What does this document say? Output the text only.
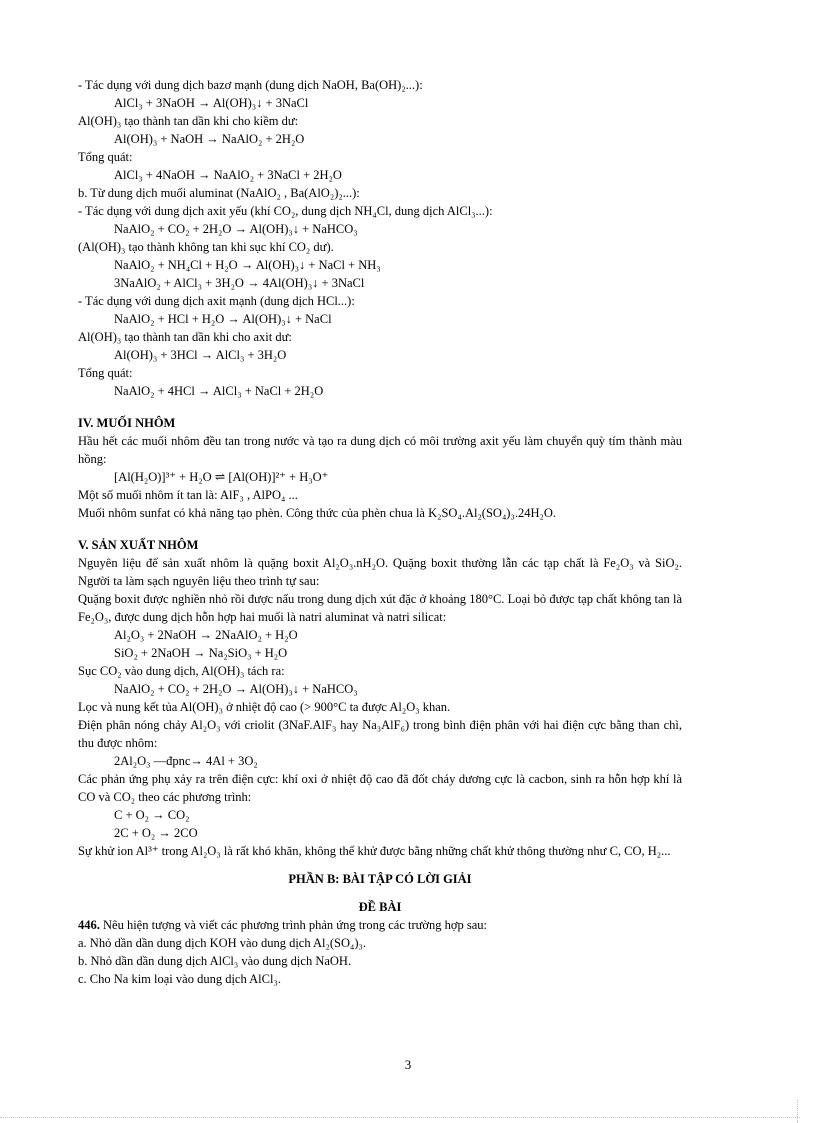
- Tác dụng với dung dịch bazơ mạnh (dung dịch NaOH, Ba(OH)₂...):
AlCl₃ + 3NaOH → Al(OH)₃↓ + 3NaCl
Al(OH)₃ tạo thành tan dần khi cho kiềm dư:
Al(OH)₃ + NaOH → NaAlO₂ + 2H₂O
Tổng quát:
AlCl₃ + 4NaOH → NaAlO₂ + 3NaCl + 2H₂O
b. Từ dung dịch muối aluminat (NaAlO₂ , Ba(AlO₂)₂...):
- Tác dụng với dung dịch axit yếu (khí CO₂, dung dịch NH₄Cl, dung dịch AlCl₃...):
NaAlO₂ + CO₂ + 2H₂O → Al(OH)₃↓ + NaHCO₃
(Al(OH)₃ tạo thành không tan khi sục khí CO₂ dư).
NaAlO₂ + NH₄Cl + H₂O → Al(OH)₃↓ + NaCl + NH₃
3NaAlO₂ + AlCl₃ + 3H₂O → 4Al(OH)₃↓ + 3NaCl
- Tác dụng với dung dịch axit mạnh (dung dịch HCl...):
NaAlO₂ + HCl + H₂O → Al(OH)₃↓ + NaCl
Al(OH)₃ tạo thành tan dần khi cho axit dư:
Al(OH)₃ + 3HCl → AlCl₃ + 3H₂O
Tổng quát:
NaAlO₂ + 4HCl → AlCl₃ + NaCl + 2H₂O
IV. MUỐI NHÔM
Hầu hết các muối nhôm đều tan trong nước và tạo ra dung dịch có môi trường axit yếu làm chuyển quỳ tím thành màu hồng:
[Al(H₂O)]³⁺ + H₂O ⇌ [Al(OH)]²⁺ + H₃O⁺
Một số muối nhôm ít tan là: AlF₃ , AlPO₄ ...
Muối nhôm sunfat có khả năng tạo phèn. Công thức của phèn chua là K₂SO₄.Al₂(SO₄)₃.24H₂O.
V. SẢN XUẤT NHÔM
Nguyên liệu để sản xuất nhôm là quặng boxit Al₂O₃.nH₂O. Quặng boxit thường lẫn các tạp chất là Fe₂O₃ và SiO₂. Người ta làm sạch nguyên liệu theo trình tự sau:
Quặng boxit được nghiền nhỏ rồi được nấu trong dung dịch xút đặc ở khoảng 180°C. Loại bỏ được tạp chất không tan là Fe₂O₃, được dung dịch hỗn hợp hai muối là natri aluminat và natri silicat:
Al₂O₃ + 2NaOH → 2NaAlO₂ + H₂O
SiO₂ + 2NaOH → Na₂SiO₃ + H₂O
Sục CO₂ vào dung dịch, Al(OH)₃ tách ra:
NaAlO₂ + CO₂ + 2H₂O → Al(OH)₃↓ + NaHCO₃
Lọc và nung kết tủa Al(OH)₃ ở nhiệt độ cao (> 900°C ta được Al₂O₃ khan.
Điện phân nóng chảy Al₂O₃ với criolit (3NaF.AlF₃ hay Na₃AlF₆) trong bình điện phân với hai điện cực bằng than chì, thu được nhôm:
2Al₂O₃ —đpnc→ 4Al + 3O₂
Các phản ứng phụ xảy ra trên điện cực: khí oxi ở nhiệt độ cao đã đốt cháy dương cực là cacbon, sinh ra hỗn hợp khí là CO và CO₂ theo các phương trình:
C + O₂ → CO₂
2C + O₂ → 2CO
Sự khử ion Al³⁺ trong Al₂O₃ là rất khó khăn, không thể khử được bằng những chất khử thông thường như C, CO, H₂...
PHẦN B: BÀI TẬP CÓ LỜI GIẢI
ĐỀ BÀI
446. Nêu hiện tượng và viết các phương trình phản ứng trong các trường hợp sau:
a. Nhỏ dần dần dung dịch KOH vào dung dịch Al₂(SO₄)₃.
b. Nhỏ dần dần dung dịch AlCl₃ vào dung dịch NaOH.
c. Cho Na kim loại vào dung dịch AlCl₃.
3
